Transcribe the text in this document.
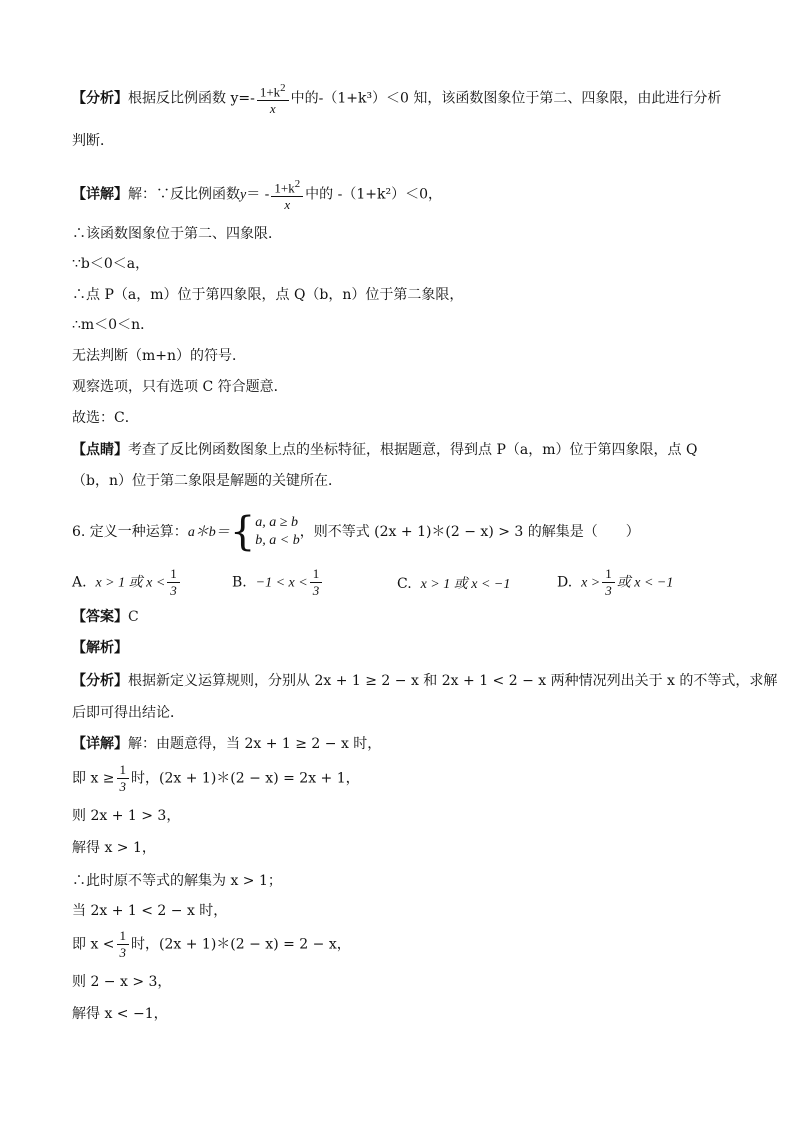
【分析】根据反比例函数 $y=- \frac{1+k^2}{x}$ 中的-（1+k³）＜0 知，该函数图象位于第二、四象限，由此进行分析
判断．
【详解】解：∵反比例函数$y= - \frac{1+k^2}{x}$ 中的 -（1+k²）＜0，
∴该函数图象位于第二、四象限．
∵b＜0＜a，
∴点 P（a，m）位于第四象限，点 Q（b，n）位于第二象限，
∴m＜0＜n．
无法判断（m+n）的符号．
观察选项，只有选项 C 符合题意．
故选：C．
【点睛】考查了反比例函数图象上点的坐标特征，根据题意，得到点 P（a，m）位于第四象限，点 Q
（b，n）位于第二象限是解题的关键所在．
6. 定义一种运算：a＊b＝ { a, a ≥ b
b, a < b
，则不等式 (2x + 1)＊(2 − x) > 3 的解集是（　　）
A. x > 1 或 $x < \frac{1}{3}$	B. $-1 < x < \frac{1}{3}$	C. x > 1 或 x < −1	D. $x > \frac{1}{3}$ 或 x < −1
【答案】C
【解析】
【分析】根据新定义运算规则，分别从 2x + 1 ≥ 2 − x 和 2x + 1 < 2 − x 两种情况列出关于 x 的不等式，求解
后即可得出结论．
【详解】解：由题意得，当 2x + 1 ≥ 2 − x 时，
即 $x \ge \frac{1}{3}$ 时，(2x + 1)＊(2 − x) = 2x + 1，
则 2x + 1 > 3，
解得 x > 1，
∴此时原不等式的解集为 x > 1；
当 2x + 1 < 2 − x 时，
即 $x < \frac{1}{3}$ 时，(2x + 1)＊(2 − x) = 2 − x，
则 2 − x > 3，
解得 x < −1，
